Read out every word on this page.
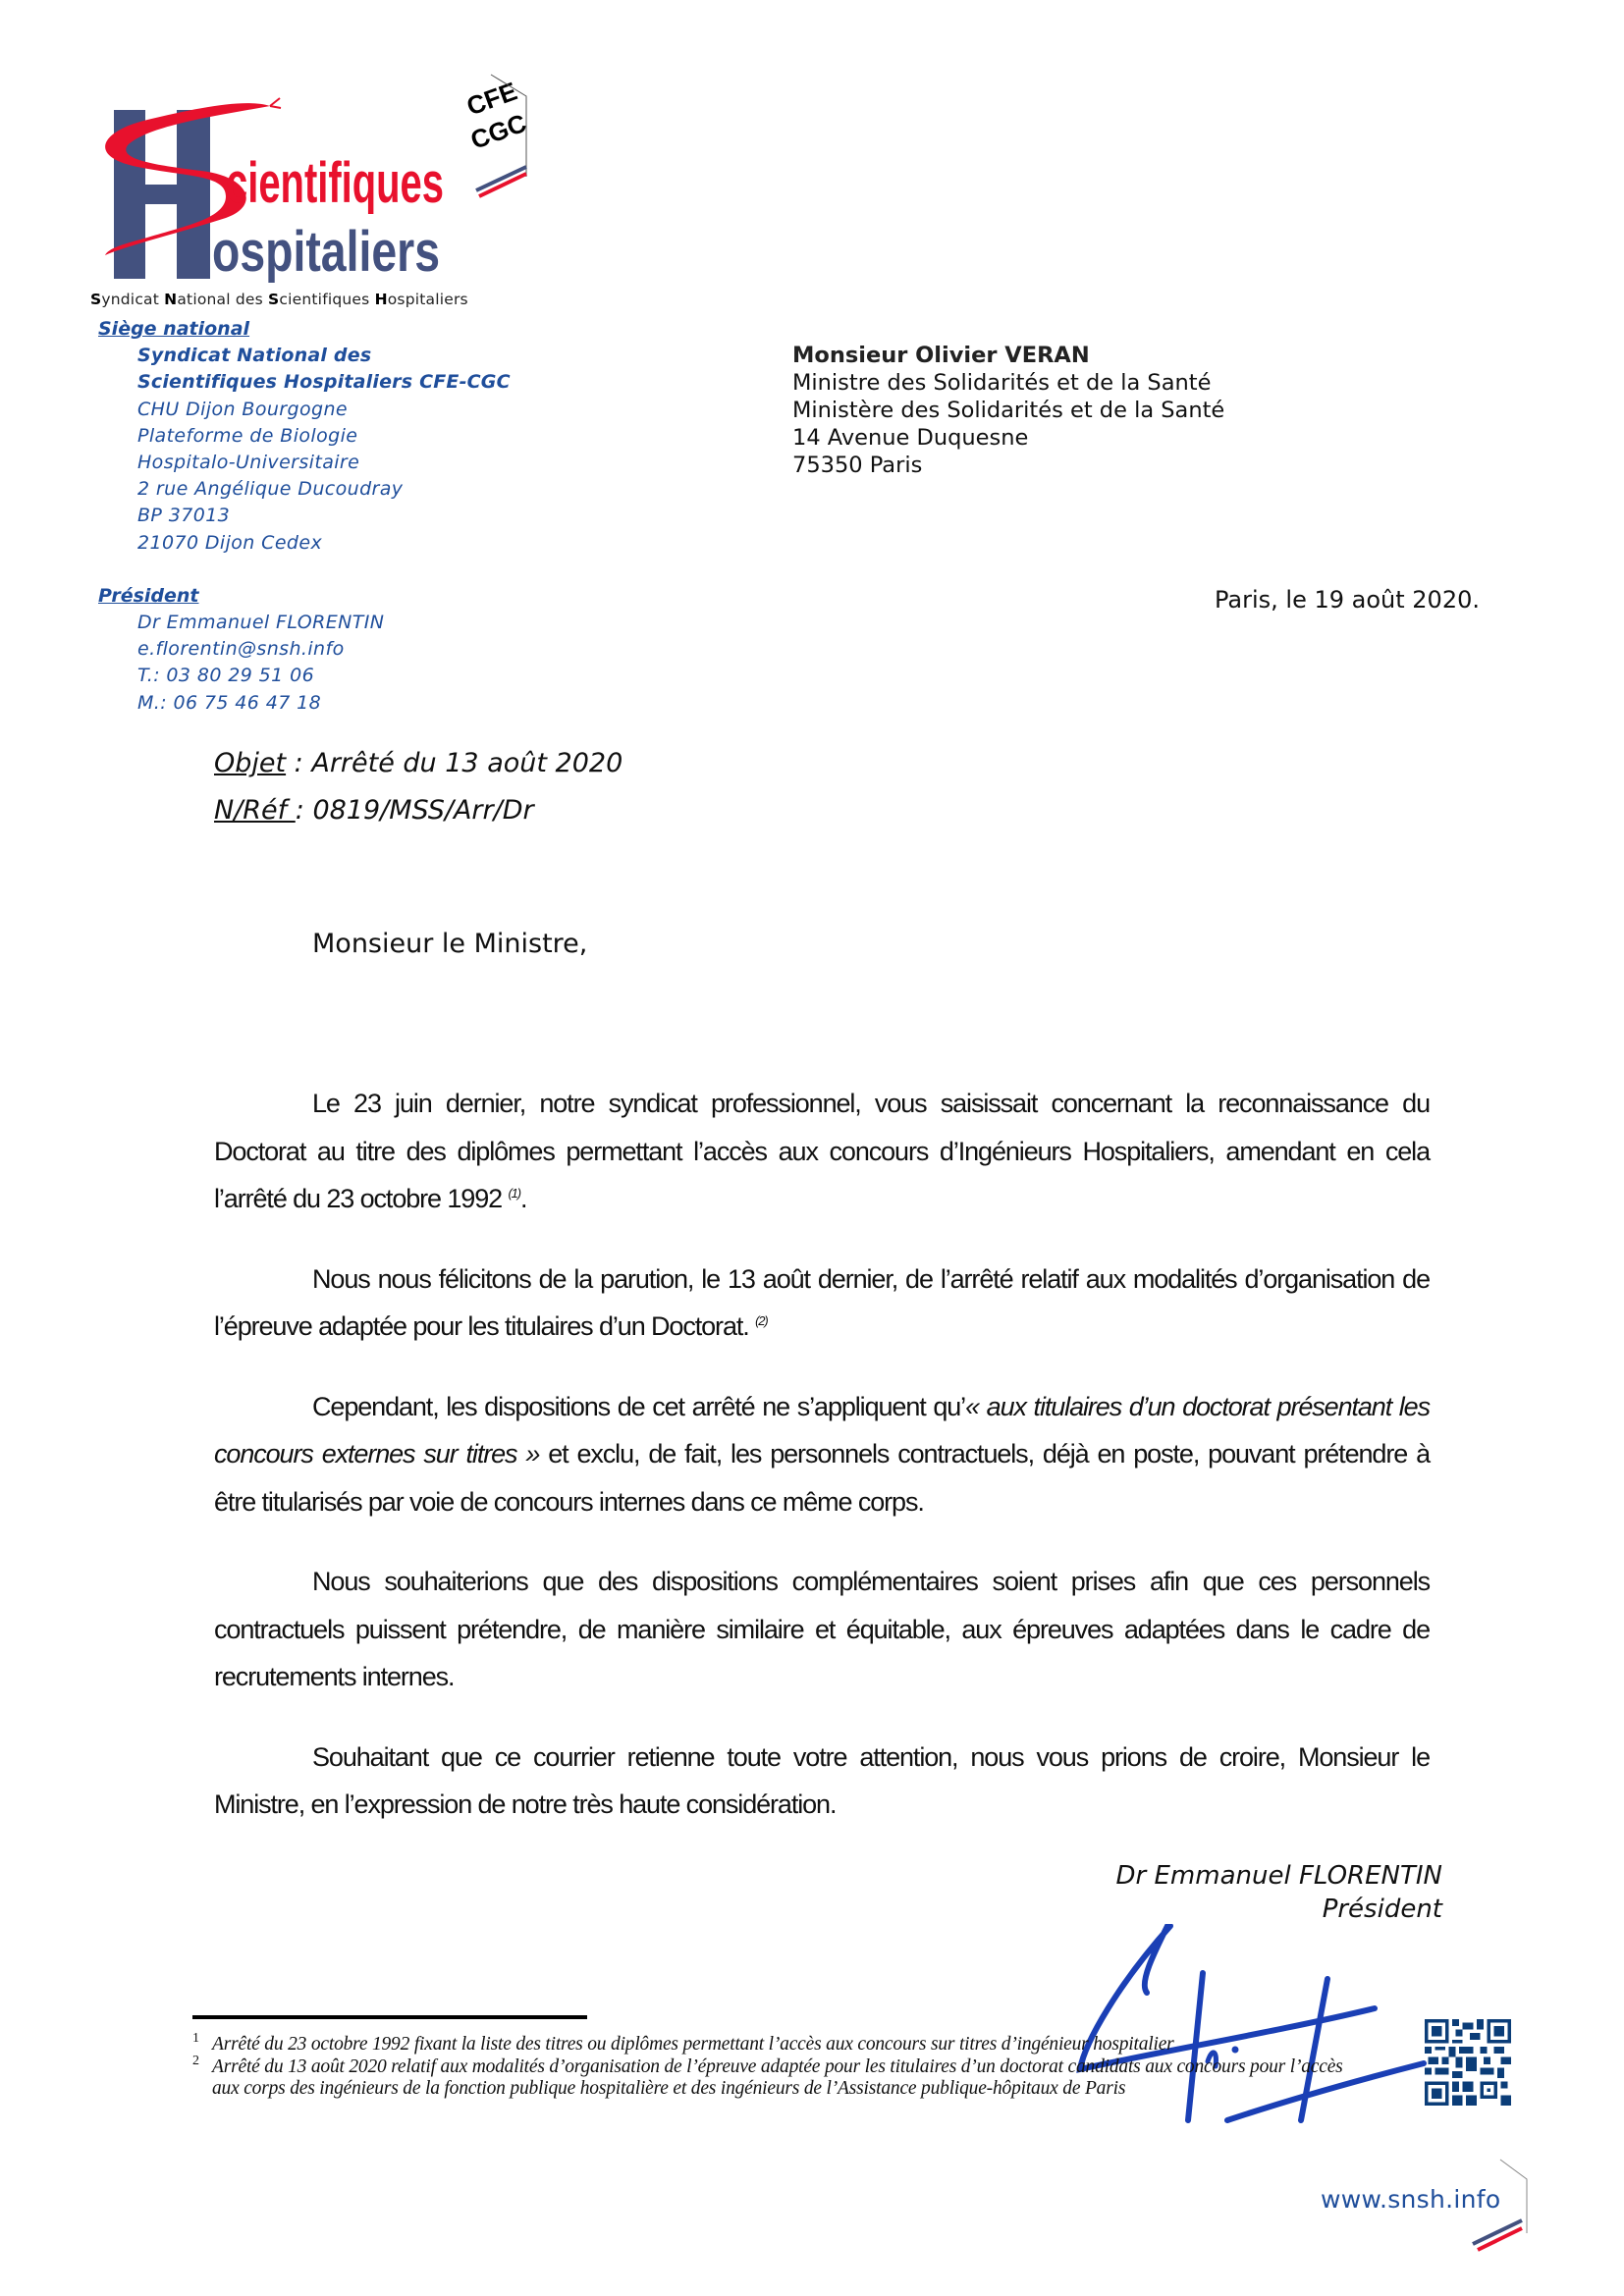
cientifiques
ospitaliers
CFE
CGC
Syndicat National des Scientifiques Hospitaliers
Siège national
Syndicat National des
Scientifiques Hospitaliers CFE-CGC
CHU Dijon Bourgogne
Plateforme de Biologie
Hospitalo-Universitaire
2 rue Angélique Ducoudray
BP 37013
21070 Dijon Cedex
Président
Dr Emmanuel FLORENTIN
e.florentin@snsh.info
T.: 03 80 29 51 06
M.: 06 75 46 47 18
Monsieur Olivier VERAN
Ministre des Solidarités et de la Santé
Ministère des Solidarités et de la Santé
14 Avenue Duquesne
75350 Paris
Paris, le 19 août 2020.
Objet : Arrêté du 13 août 2020
N/Réf : 0819/MSS/Arr/Dr
Monsieur le Ministre,

Le 23 juin dernier, notre syndicat professionnel, vous saisissait concernant la reconnaissance du Doctorat au titre des diplômes permettant l’accès aux concours d’Ingénieurs Hospitaliers, amendant en cela l’arrêté du 23 octobre 1992 $^{(1)}$.

Nous nous félicitons de la parution, le 13 août dernier, de l’arrêté relatif aux modalités d’organisation de l’épreuve adaptée pour les titulaires d’un Doctorat. $^{(2)}$

Cependant, les dispositions de cet arrêté ne s’appliquent qu’« aux titulaires d’un doctorat présentant les concours externes sur titres » et exclu, de fait, les personnels contractuels, déjà en poste, pouvant prétendre à être titularisés par voie de concours internes dans ce même corps.

Nous souhaiterions que des dispositions complémentaires soient prises afin que ces personnels contractuels puissent prétendre, de manière similaire et équitable, aux épreuves adaptées dans le cadre de recrutements internes.

Souhaitant que ce courrier retienne toute votre attention, nous vous prions de croire, Monsieur le Ministre, en l’expression de notre très haute considération.

Dr Emmanuel FLORENTIN
Président
1 Arrêté du 23 octobre 1992 fixant la liste des titres ou diplômes permettant l’accès aux concours sur titres d’ingénieur hospitalier
2 Arrêté du 13 août 2020 relatif aux modalités d’organisation de l’épreuve adaptée pour les titulaires d’un doctorat candidats aux concours pour l’accès aux corps des ingénieurs de la fonction publique hospitalière et des ingénieurs de l’Assistance publique-hôpitaux de Paris
www.snsh.info
